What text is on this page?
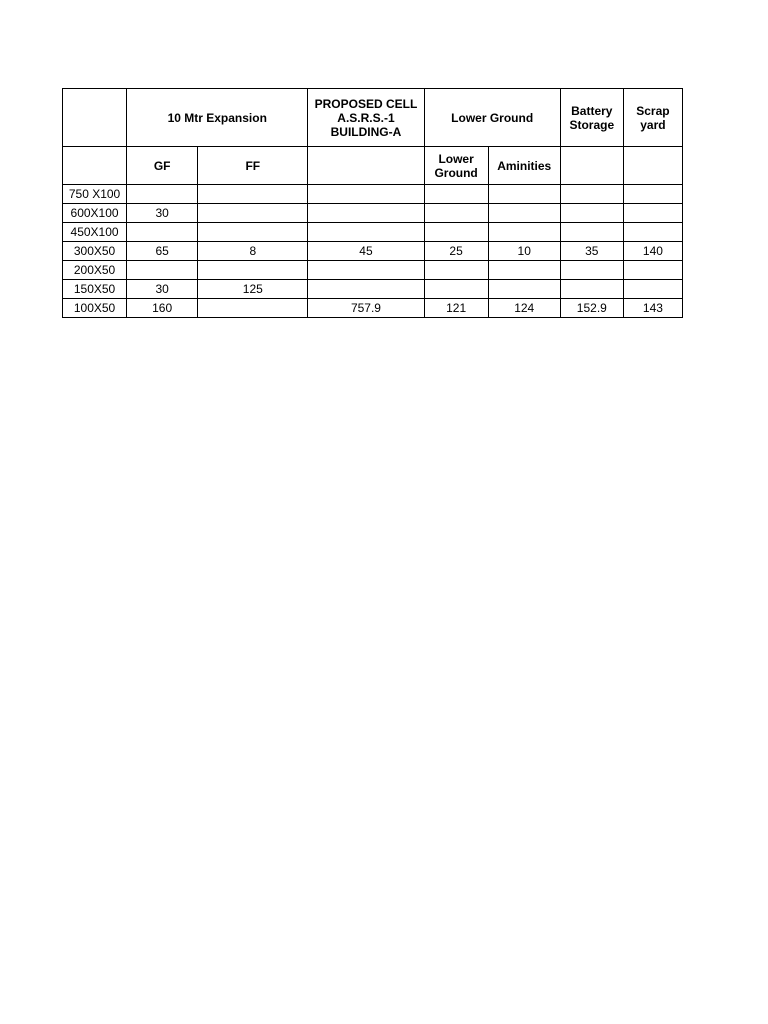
	10 Mtr Expansion		PROPOSED CELL A.S.R.S.-1 BUILDING-A	Lower Ground		Battery Storage	Scrap yard
	GF	FF		Lower Ground	Aminities		
750 X100							
600X100	30						
450X100							
300X50	65	8	45	25	10	35	140
200X50							
150X50	30	125					
100X50	160		757.9	121	124	152.9	143
